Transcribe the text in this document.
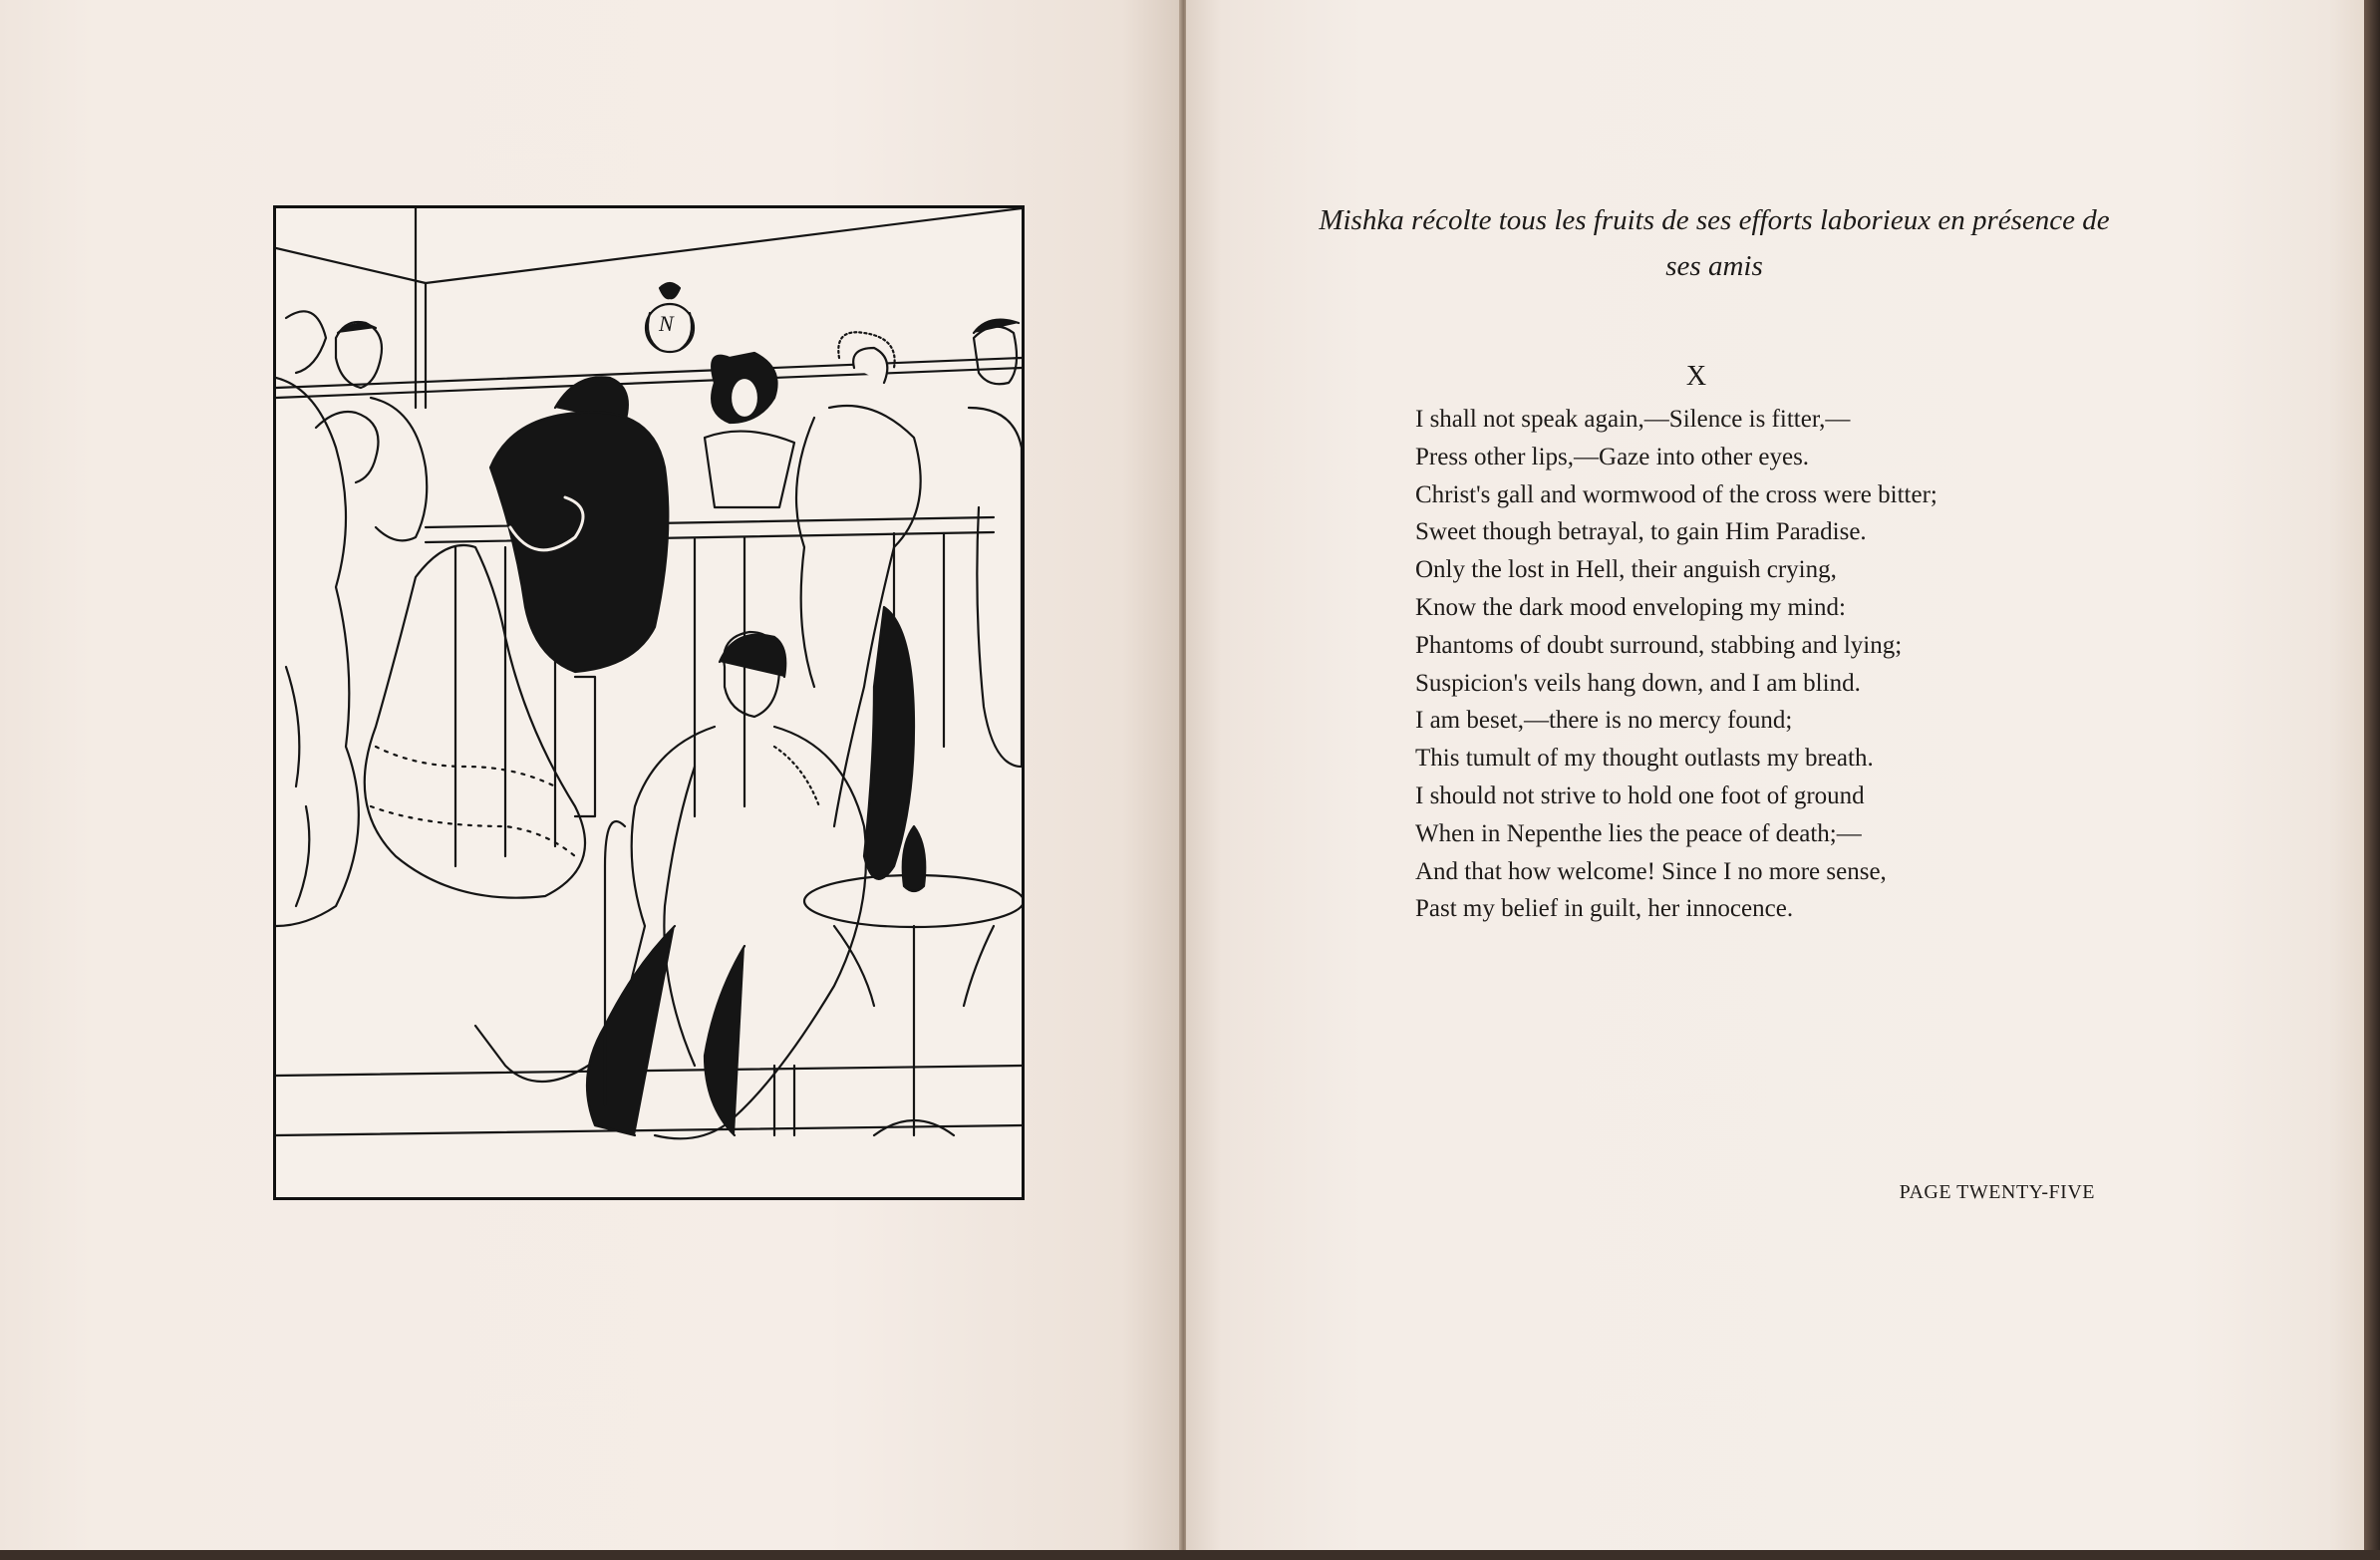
N
Mishka récolte tous les fruits de ses efforts laborieux en présence de ses amis
X
I shall not speak again,—Silence is fitter,—
Press other lips,—Gaze into other eyes.
Christ's gall and wormwood of the cross were bitter;
Sweet though betrayal, to gain Him Paradise.
Only the lost in Hell, their anguish crying,
Know the dark mood enveloping my mind:
Phantoms of doubt surround, stabbing and lying;
Suspicion's veils hang down, and I am blind.
I am beset,—there is no mercy found;
This tumult of my thought outlasts my breath.
I should not strive to hold one foot of ground
When in Nepenthe lies the peace of death;—
And that how welcome! Since I no more sense,
Past my belief in guilt, her innocence.
PAGE TWENTY-FIVE
